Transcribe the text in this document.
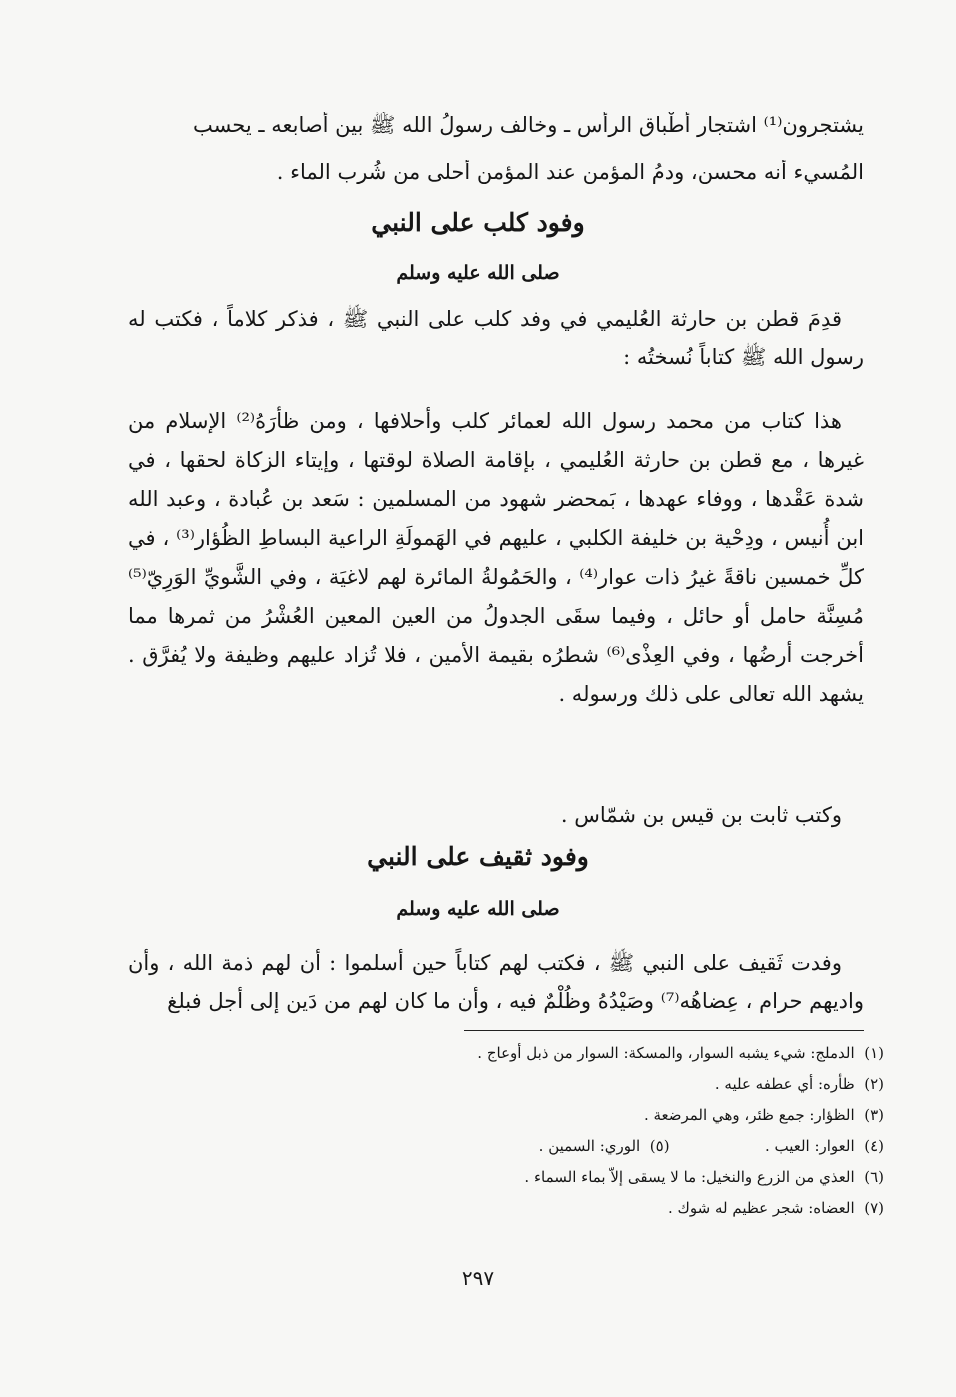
يشتجرون⁽¹⁾ اشتجار أطْباق الرأس ـ وخالف رسولُ الله ﷺ بين أصابعه ـ يحسب
المُسيء أنه محسن، ودمُ المؤمن عند المؤمن أحلى من شُرب الماء .
وفود كلب على النبي
صلى الله عليه وسلم
قدِمَ قطن بن حارثة العُليمي في وفد كلب على النبي ﷺ ، فذكر كلاماً ، فكتب له رسول الله ﷺ كتاباً نُسختُه :
هذا كتاب من محمد رسول الله لعمائر كلب وأحلافها ، ومن ظأرَهُ⁽²⁾ الإسلام من غيرها ، مع قطن بن حارثة العُليمي ، بإقامة الصلاة لوقتها ، وإيتاء الزكاة لحقها ، في شدة عَقْدها ، ووفاء عهدها ، بَمحضر شهود من المسلمين : سَعد بن عُبادة ، وعبد الله ابن أُنيس ، ودِحْية بن خليفة الكلبي ، عليهم في الهَمولَةِ الراعية البساطِ الظُؤار⁽³⁾ ، في كلِّ خمسين ناقةً غيرُ ذات عوار⁽⁴⁾ ، والحَمُولةُ المائرة لهم لاغيَة ، وفي الشَّويِّ الوَرِيّ⁽⁵⁾ مُسِنَّة حامل أو حائل ، وفيما سقَى الجدولُ من العين المعين العُشْرُ من ثمرها مما أخرجت أرضُها ، وفي العِذْى⁽⁶⁾ شطرُه بقيمة الأمين ، فلا تُزاد عليهم وظيفة ولا يُفرَّق . يشهد الله تعالى على ذلك ورسوله .
وكتب ثابت بن قيس بن شمّاس .
وفود ثقيف على النبي
صلى الله عليه وسلم
وفدت ثَقيف على النبي ﷺ ، فكتب لهم كتاباً حين أسلموا : أن لهم ذمة الله ، وأن واديهم حرام ، عِضاهُه⁽⁷⁾ وصَيْدُهُ وظُلْمٌ فيه ، وأن ما كان لهم من دَين إلى أجل فبلغ
(١)  الدملج: شيء يشبه السوار، والمسكة: السوار من ذبل أوعاج .
(٢)  ظأره: أي عطفه عليه .
(٣)  الظؤار: جمع ظئر، وهي المرضعة .
(٤)  العوار: العيب .                    (٥)  الوري: السمين .
(٦)  العذي من الزرع والنخيل: ما لا يسقى إلاّ بماء السماء .
(٧)  العضاه: شجر عظيم له شوك .
٢٩٧
